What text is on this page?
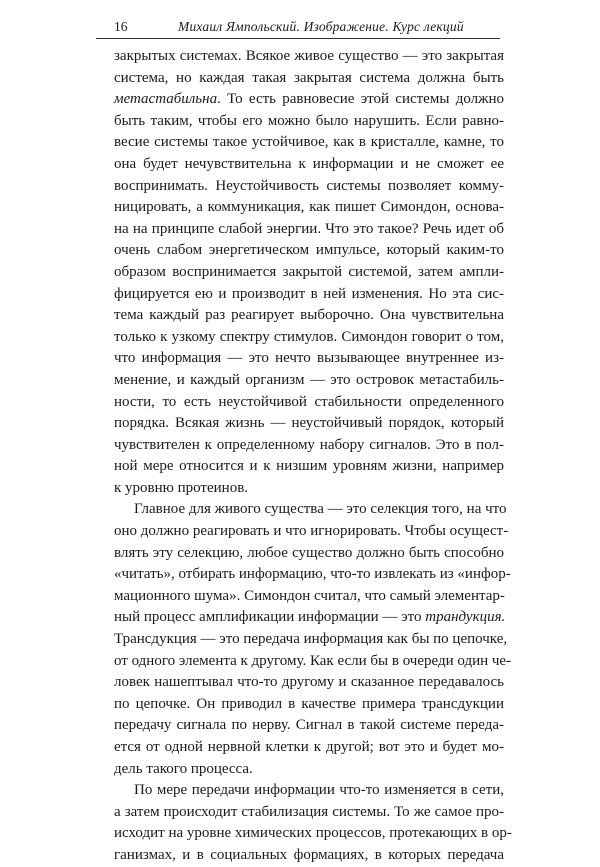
16	Михаил Ямпольский. Изображение. Курс лекций
закрытых системах. Всякое живое существо — это закрытая
система, но каждая такая закрытая система должна быть
метастабильна. То есть равновесие этой системы должно
быть таким, чтобы его можно было нарушить. Если равно-
весие системы такое устойчивое, как в кристалле, камне, то
она будет нечувствительна к информации и не сможет ее
воспринимать. Неустойчивость системы позволяет комму-
ницировать, а коммуникация, как пишет Симондон, основа-
на на принципе слабой энергии. Что это такое? Речь идет об
очень слабом энергетическом импульсе, который каким-то
образом воспринимается закрытой системой, затем ампли-
фицируется ею и производит в ней изменения. Но эта сис-
тема каждый раз реагирует выборочно. Она чувствительна
только к узкому спектру стимулов. Симондон говорит о том,
что информация — это нечто вызывающее внутреннее из-
менение, и каждый организм — это островок метастабиль-
ности, то есть неустойчивой стабильности определенного
порядка. Всякая жизнь — неустойчивый порядок, который
чувствителен к определенному набору сигналов. Это в пол-
ной мере относится и к низшим уровням жизни, например
к уровню протеинов.
Главное для живого существа — это селекция того, на что
оно должно реагировать и что игнорировать. Чтобы осущест-
влять эту селекцию, любое существо должно быть способно
«читать», отбирать информацию, что-то извлекать из «инфор-
мационного шума». Симондон считал, что самый элементар-
ный процесс амплификации информации — это трандукция.
Трансдукция — это передача информация как бы по цепочке,
от одного элемента к другому. Как если бы в очереди один че-
ловек нашептывал что-то другому и сказанное передавалось
по цепочке. Он приводил в качестве примера трансдукции
передачу сигнала по нерву. Сигнал в такой системе переда-
ется от одной нервной клетки к другой; вот это и будет мо-
дель такого процесса.
По мере передачи информации что-то изменяется в сети,
а затем происходит стабилизация системы. То же самое про-
исходит на уровне химических процессов, протекающих в ор-
ганизмах, и в социальных формациях, в которых передача
